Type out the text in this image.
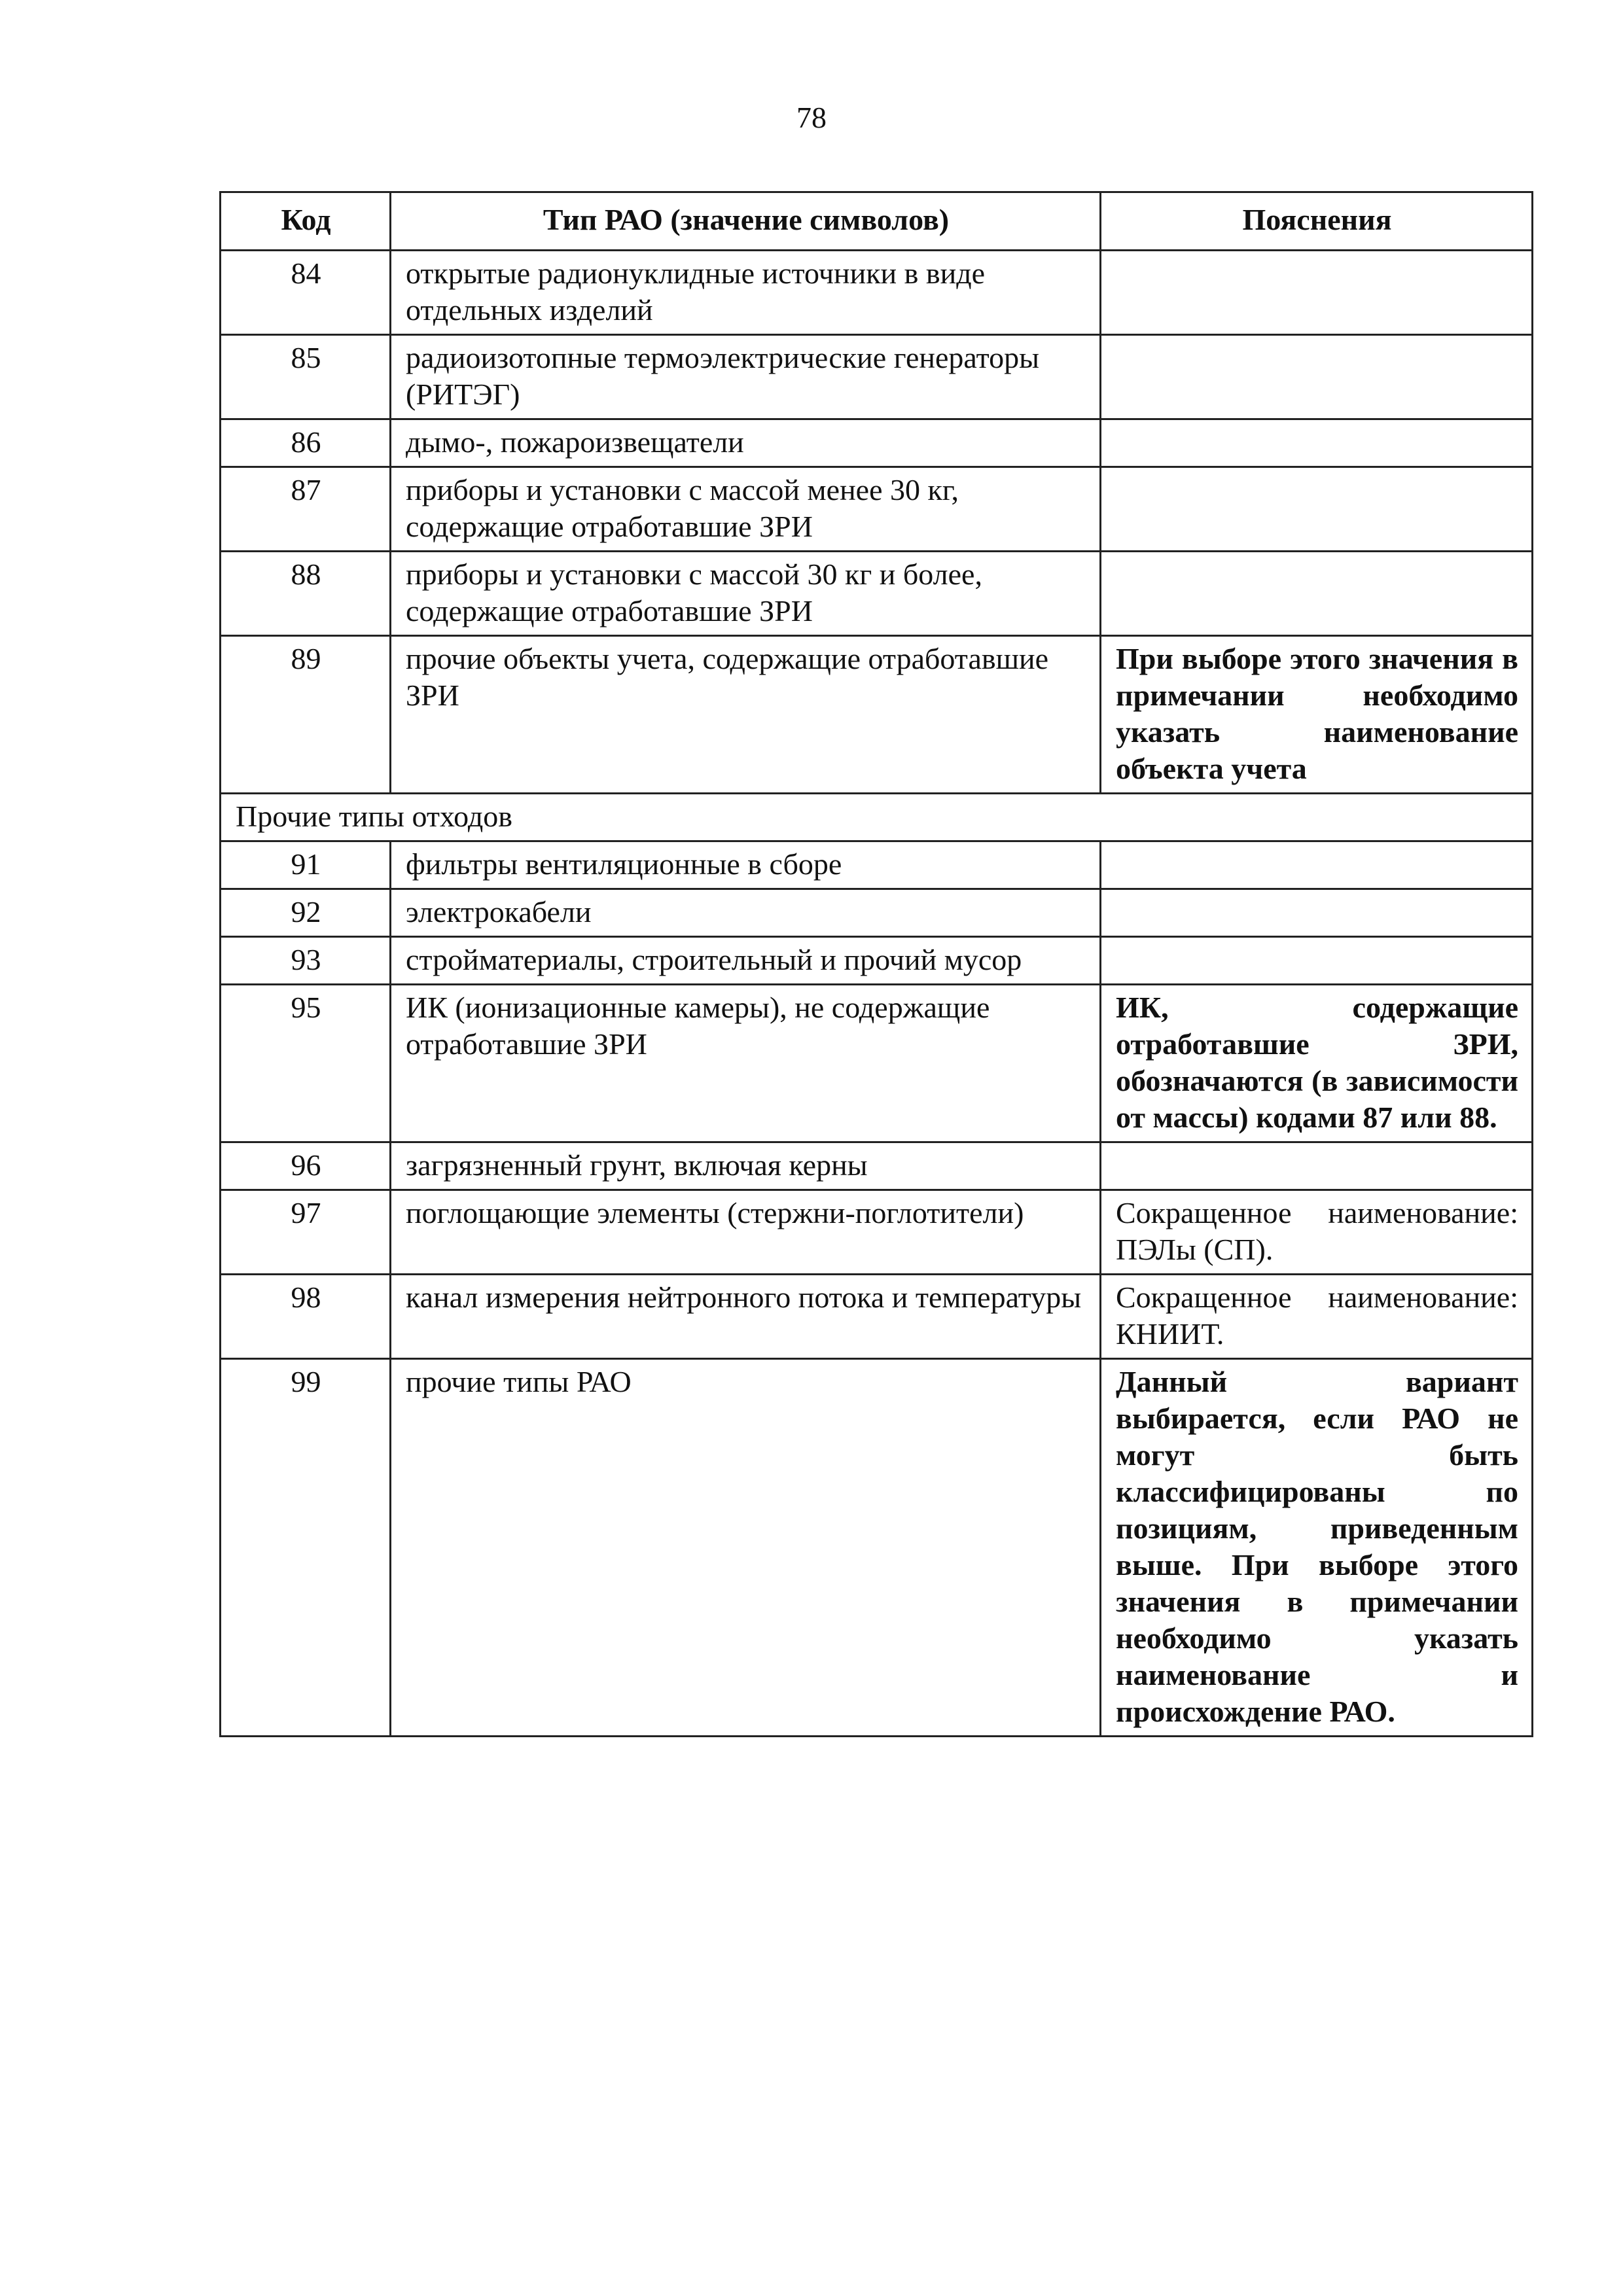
78
Код	Тип РАО (значение символов)	Пояснения
84	открытые радионуклидные источники в виде отдельных изделий	
85	радиоизотопные термоэлектрические генераторы (РИТЭГ)	
86	дымо-, пожароизвещатели	
87	приборы и установки с массой менее 30 кг, содержащие отработавшие ЗРИ	
88	приборы и установки с массой 30 кг и более, содержащие отработавшие ЗРИ	
89	прочие объекты учета, содержащие отработавшие ЗРИ	При выборе этого значения в примечании необходимо указать наименование объекта учета
Прочие типы отходов		
91	фильтры вентиляционные в сборе	
92	электрокабели	
93	стройматериалы, строительный и прочий мусор	
95	ИК (ионизационные камеры), не содержащие отработавшие ЗРИ	ИК, содержащие отработавшие ЗРИ, обозначаются (в зависимости от массы) кодами 87 или 88.
96	загрязненный грунт, включая керны	
97	поглощающие элементы (стержни-поглотители)	Сокращенное наименование: ПЭЛы (СП).
98	канал измерения нейтронного потока и температуры	Сокращенное наименование: КНИИТ.
99	прочие типы РАО	Данный вариант выбирается, если РАО не могут быть классифицированы по позициям, приведенным выше. При выборе этого значения в примечании необходимо указать наименование и происхождение РАО.
